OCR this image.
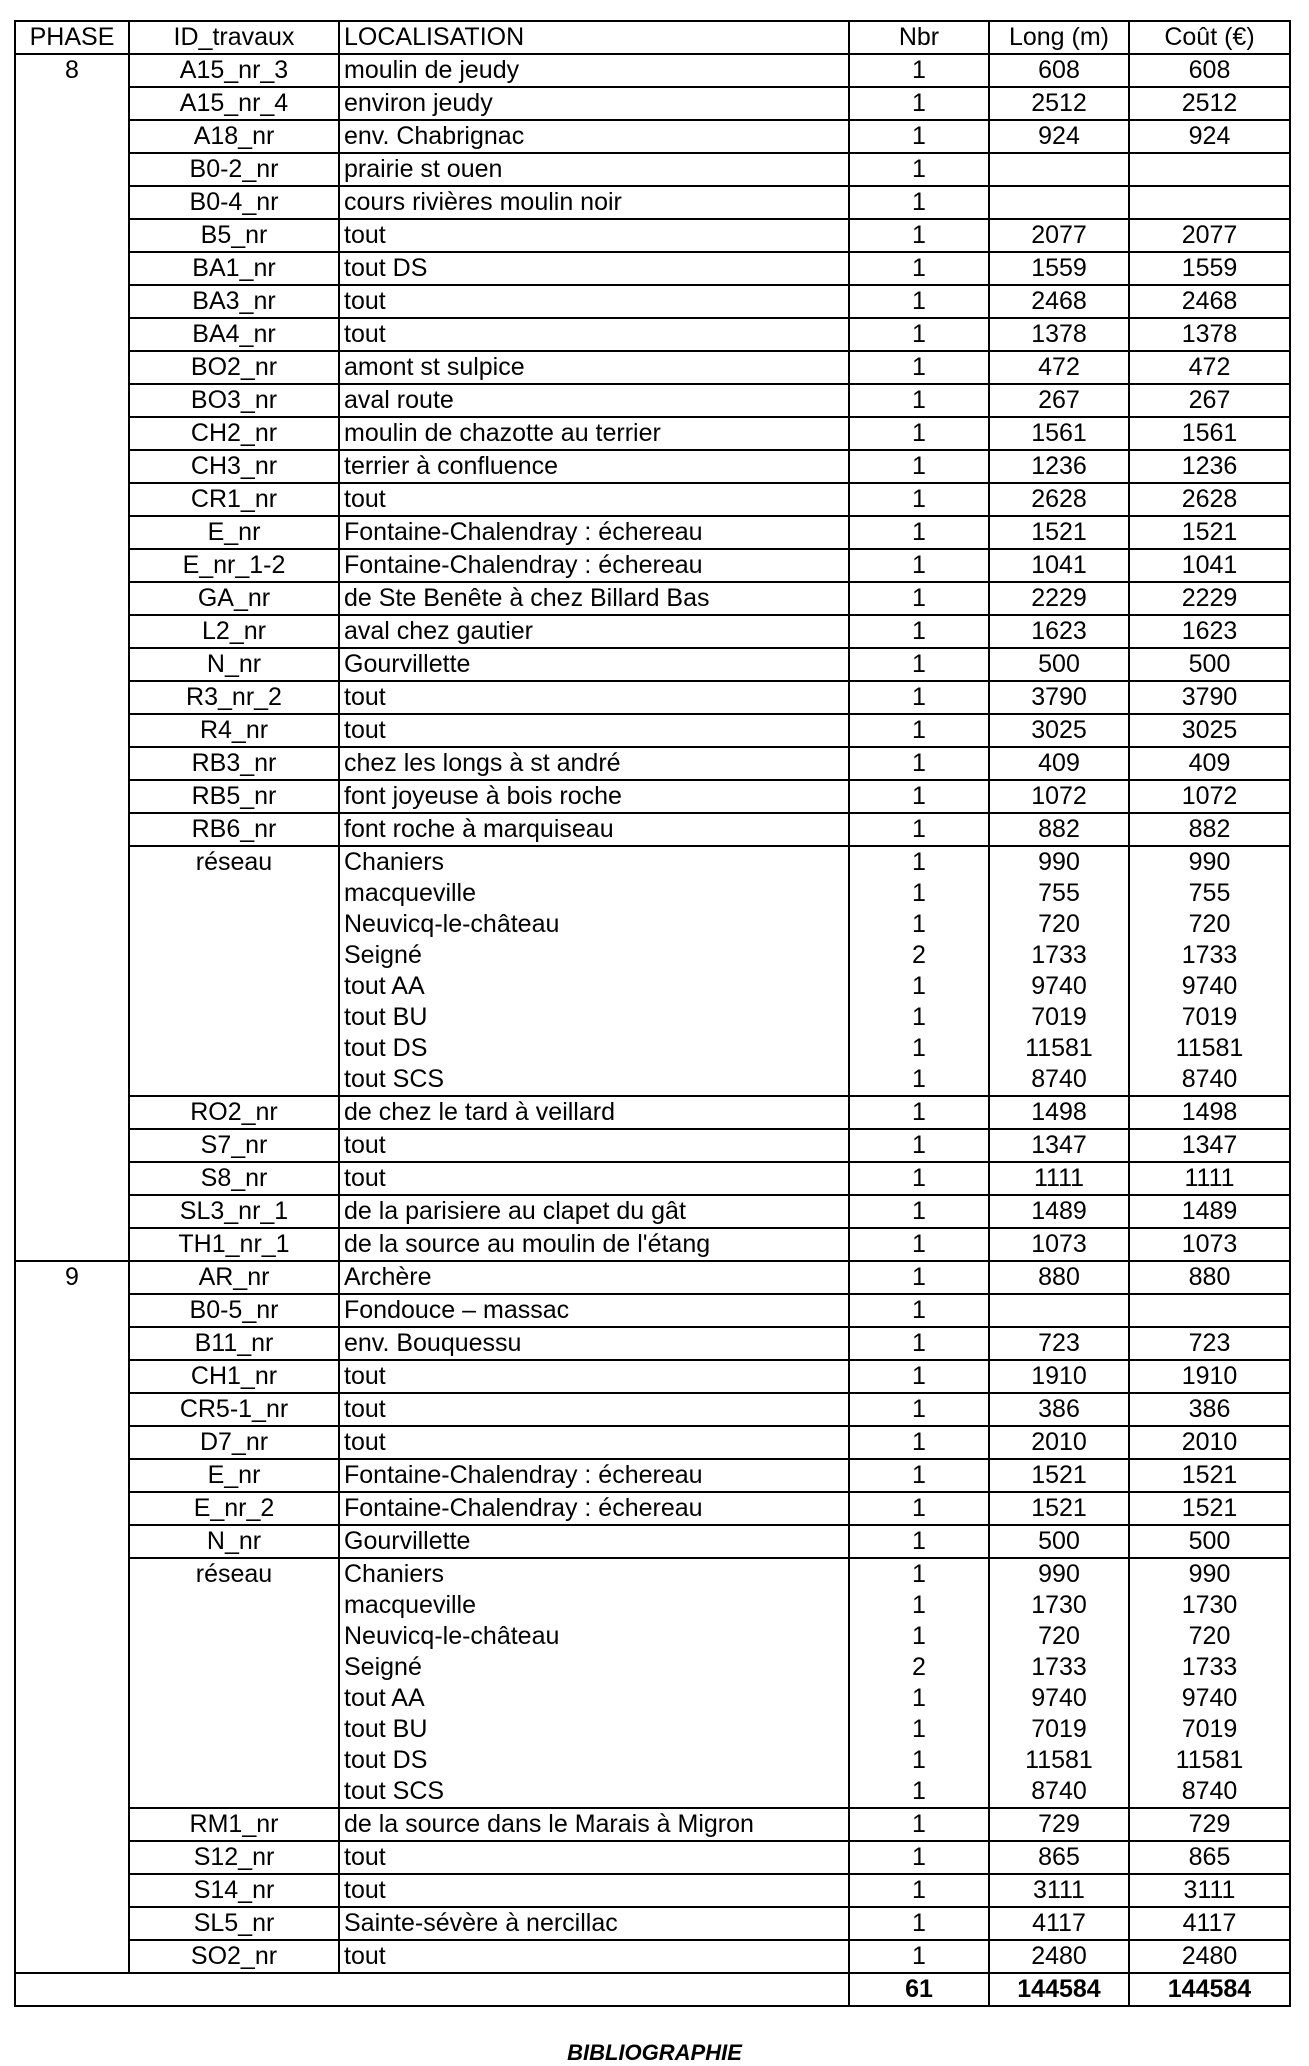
PHASE	ID_travaux	LOCALISATION	Nbr	Long (m)	Coût (€)
8	A15_nr_3	moulin de jeudy	1	608	608
	A15_nr_4	environ jeudy	1	2512	2512
	A18_nr	env. Chabrignac	1	924	924
	B0-2_nr	prairie st ouen	1		
	B0-4_nr	cours rivières moulin noir	1		
	B5_nr	tout	1	2077	2077
	BA1_nr	tout DS	1	1559	1559
	BA3_nr	tout	1	2468	2468
	BA4_nr	tout	1	1378	1378
	BO2_nr	amont st sulpice	1	472	472
	BO3_nr	aval route	1	267	267
	CH2_nr	moulin de chazotte au terrier	1	1561	1561
	CH3_nr	terrier à confluence	1	1236	1236
	CR1_nr	tout	1	2628	2628
	E_nr	Fontaine-Chalendray : échereau	1	1521	1521
	E_nr_1-2	Fontaine-Chalendray : échereau	1	1041	1041
	GA_nr	de Ste Benête à chez Billard Bas	1	2229	2229
	L2_nr	aval chez gautier	1	1623	1623
	N_nr	Gourvillette	1	500	500
	R3_nr_2	tout	1	3790	3790
	R4_nr	tout	1	3025	3025
	RB3_nr	chez les longs à st andré	1	409	409
	RB5_nr	font joyeuse à bois roche	1	1072	1072
	RB6_nr	font roche à marquiseau	1	882	882
	réseau	Chaniers	1	990	990
		macqueville	1	755	755
		Neuvicq-le-château	1	720	720
		Seigné	2	1733	1733
		tout AA	1	9740	9740
		tout BU	1	7019	7019
		tout DS	1	11581	11581
		tout SCS	1	8740	8740
	RO2_nr	de chez le tard à veillard	1	1498	1498
	S7_nr	tout	1	1347	1347
	S8_nr	tout	1	1111	1111
	SL3_nr_1	de la parisiere au clapet du gât	1	1489	1489
	TH1_nr_1	de la source au moulin de l'étang	1	1073	1073
9	AR_nr	Archère	1	880	880
	B0-5_nr	Fondouce – massac	1		
	B11_nr	env. Bouquessu	1	723	723
	CH1_nr	tout	1	1910	1910
	CR5-1_nr	tout	1	386	386
	D7_nr	tout	1	2010	2010
	E_nr	Fontaine-Chalendray : échereau	1	1521	1521
	E_nr_2	Fontaine-Chalendray : échereau	1	1521	1521
	N_nr	Gourvillette	1	500	500
	réseau	Chaniers	1	990	990
		macqueville	1	1730	1730
		Neuvicq-le-château	1	720	720
		Seigné	2	1733	1733
		tout AA	1	9740	9740
		tout BU	1	7019	7019
		tout DS	1	11581	11581
		tout SCS	1	8740	8740
	RM1_nr	de la source dans le Marais à Migron	1	729	729
	S12_nr	tout	1	865	865
	S14_nr	tout	1	3111	3111
	SL5_nr	Sainte-sévère à nercillac	1	4117	4117
	SO2_nr	tout	1	2480	2480
			61	144584	144584
BIBLIOGRAPHIE
